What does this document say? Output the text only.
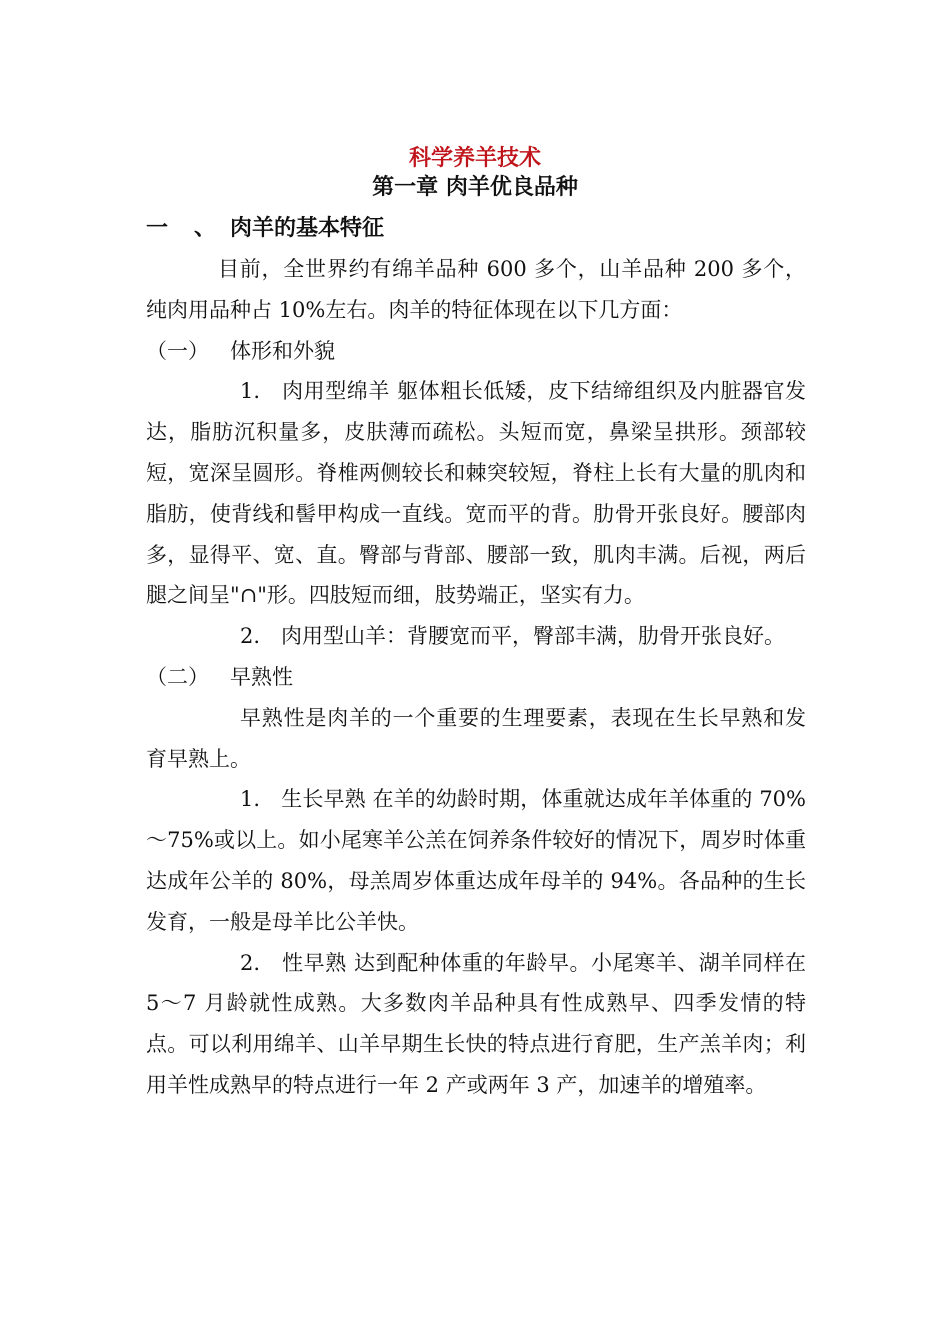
科学养羊技术
第一章 肉羊优良品种
一 、 肉羊的基本特征

目前，全世界约有绵羊品种 600 多个，山羊品种 200 多个，纯肉用品种占 10%左右。肉羊的特征体现在以下几方面：

（一） 体形和外貌

1.　肉用型绵羊 躯体粗长低矮，皮下结缔组织及内脏器官发达，脂肪沉积量多，皮肤薄而疏松。头短而宽，鼻梁呈拱形。颈部较短，宽深呈圆形。脊椎两侧较长和棘突较短，脊柱上长有大量的肌肉和脂肪，使背线和髻甲构成一直线。宽而平的背。肋骨开张良好。腰部肉多，显得平、宽、直。臀部与背部、腰部一致，肌肉丰满。后视，两后腿之间呈"∩"形。四肢短而细，肢势端正，坚实有力。

2.　肉用型山羊：背腰宽而平，臀部丰满，肋骨开张良好。

（二） 早熟性

早熟性是肉羊的一个重要的生理要素，表现在生长早熟和发育早熟上。

1.　生长早熟 在羊的幼龄时期，体重就达成年羊体重的 70%～75%或以上。如小尾寒羊公羔在饲养条件较好的情况下，周岁时体重达成年公羊的 80%，母羔周岁体重达成年母羊的 94%。各品种的生长发育，一般是母羊比公羊快。

2.　性早熟 达到配种体重的年龄早。小尾寒羊、湖羊同样在 5～7 月龄就性成熟。大多数肉羊品种具有性成熟早、四季发情的特点。可以利用绵羊、山羊早期生长快的特点进行育肥，生产羔羊肉；利用羊性成熟早的特点进行一年 2 产或两年 3 产，加速羊的增殖率。
